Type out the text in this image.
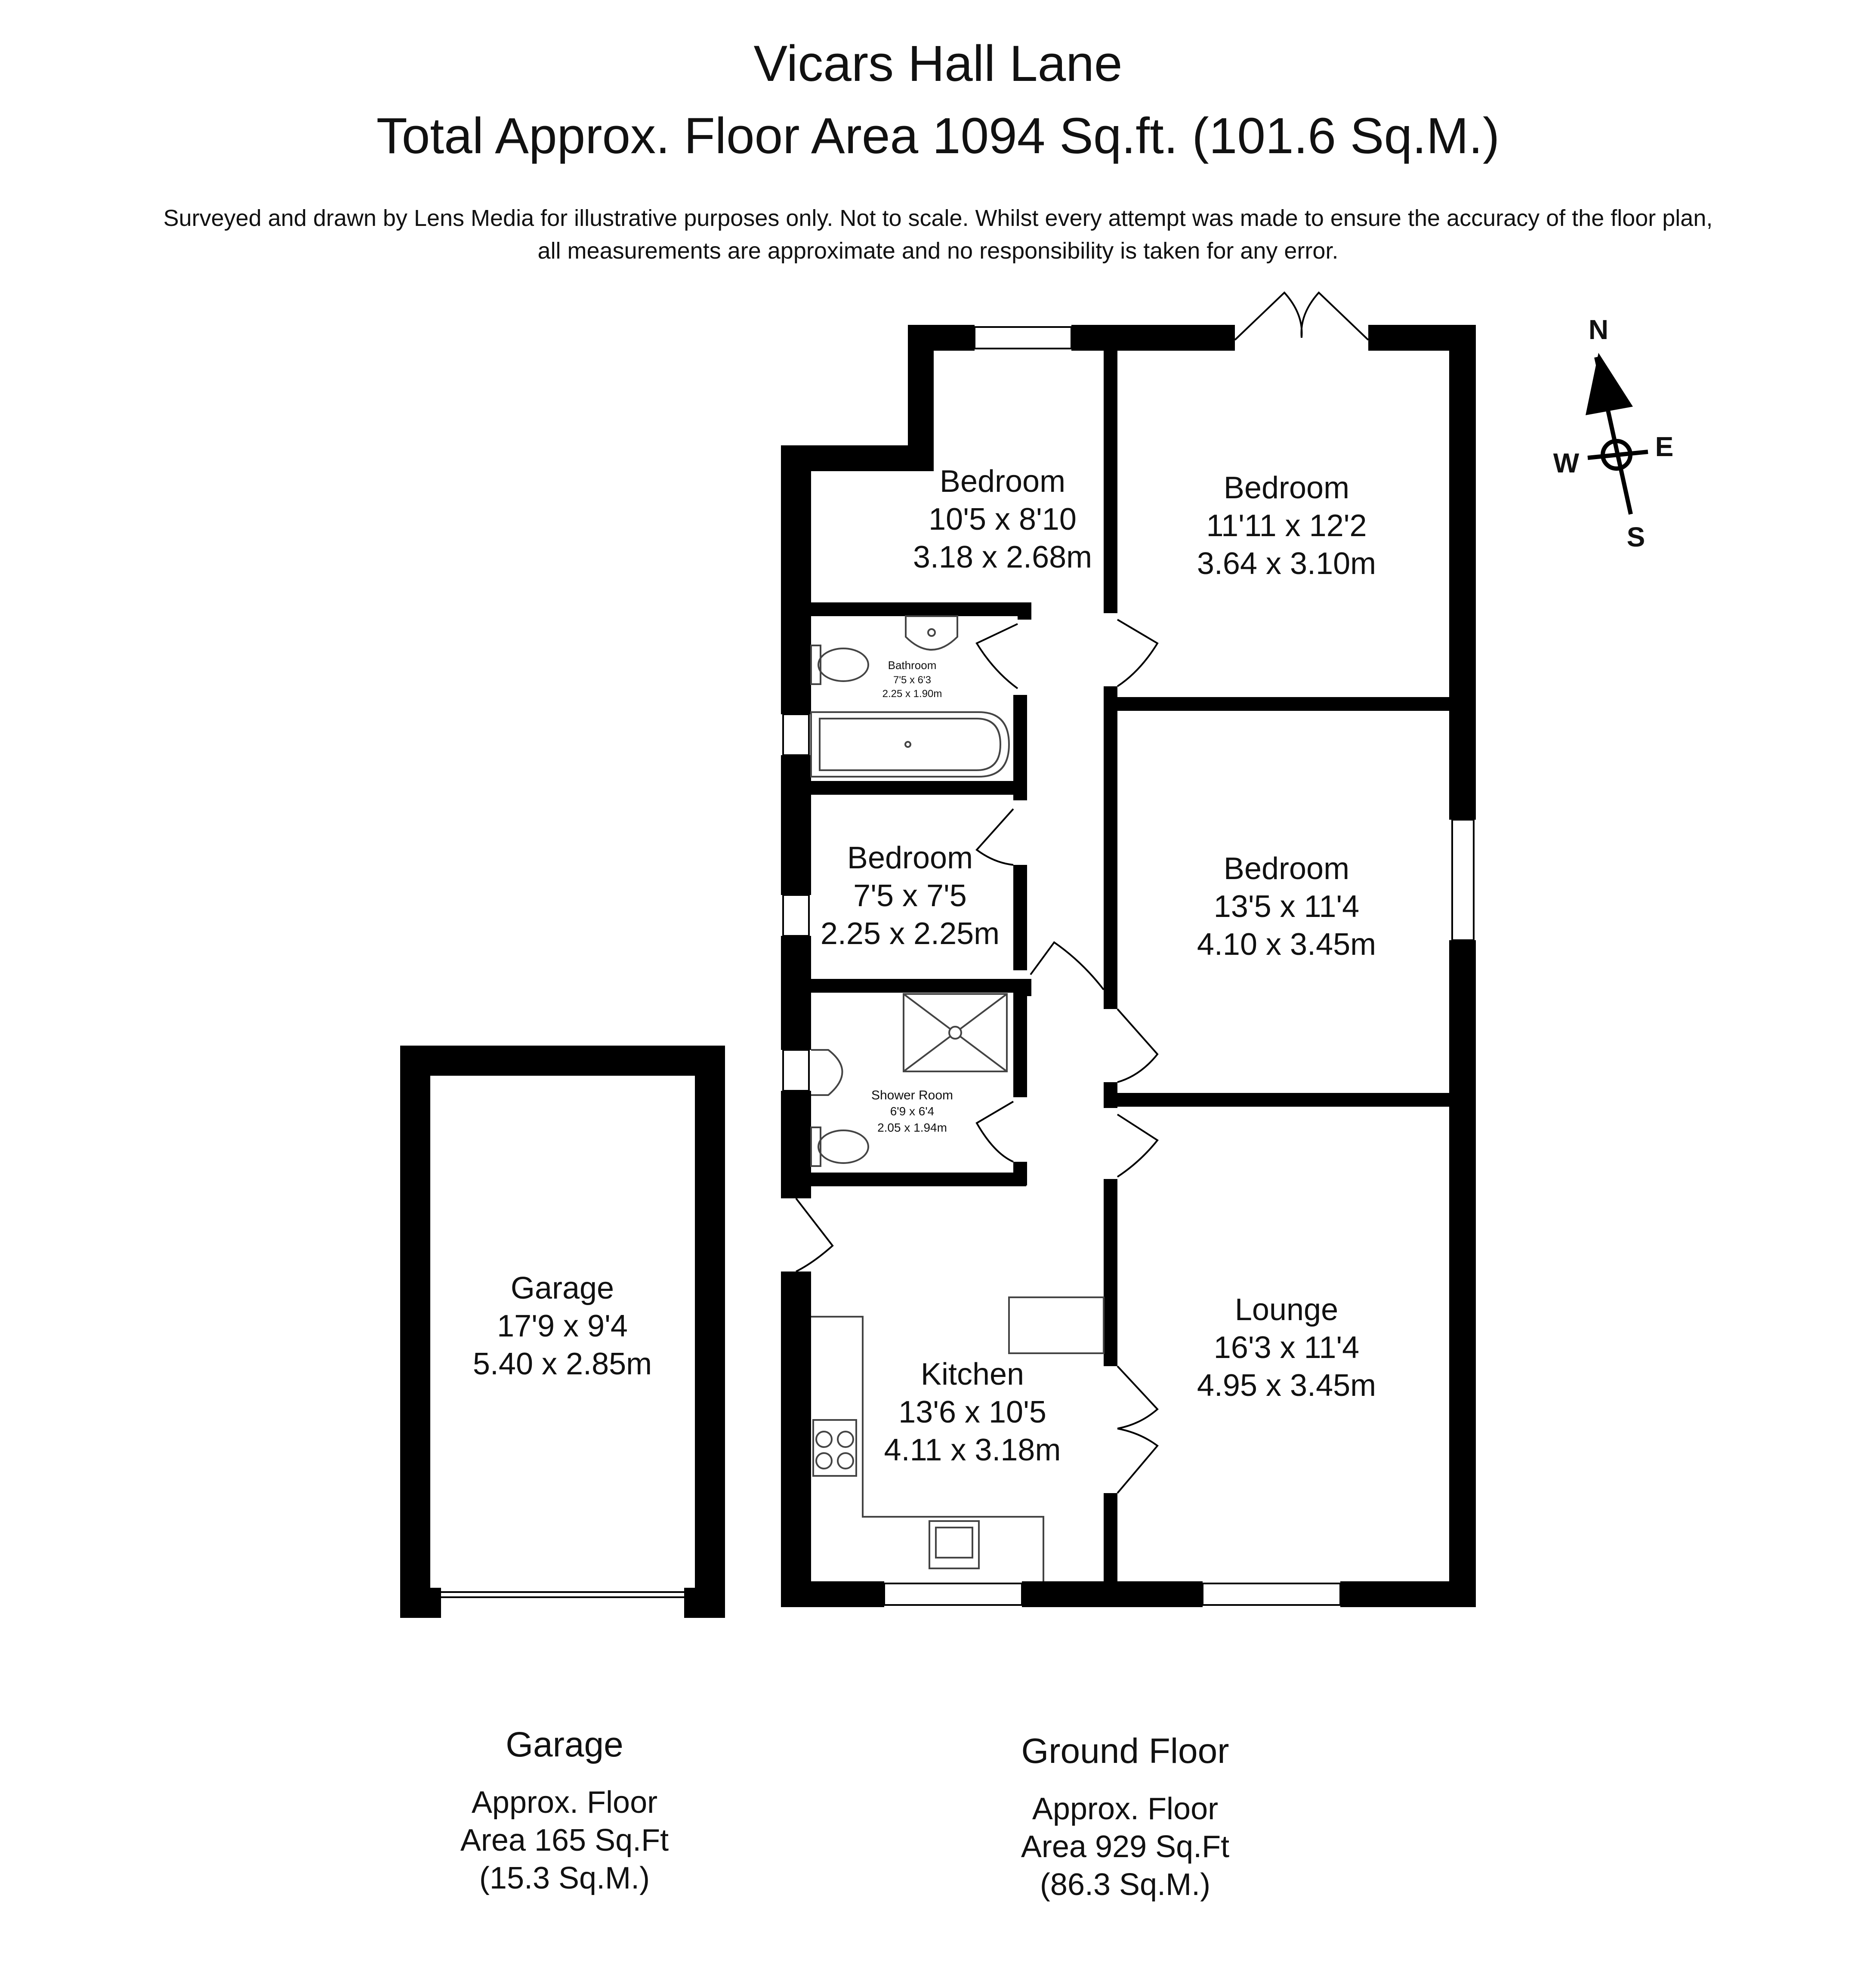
Vicars Hall Lane
Total Approx. Floor Area 1094 Sq.ft. (101.6 Sq.M.)
Surveyed and drawn by Lens Media for illustrative purposes only. Not to scale. Whilst every attempt was made to ensure the accuracy of the floor plan,
all measurements are approximate and no responsibility is taken for any error.
N
E
S
W
Bathroom
7'5 x 6'3
2.25 x 1.90m
Shower Room
6'9 x 6'4
2.05 x 1.94m
Bedroom
10'5 x 8'10
3.18 x 2.68m
Bedroom
11'11 x 12'2
3.64 x 3.10m
Bedroom
7'5 x 7'5
2.25 x 2.25m
Bedroom
13'5 x 11'4
4.10 x 3.45m
Kitchen
13'6 x 10'5
4.11 x 3.18m
Lounge
16'3 x 11'4
4.95 x 3.45m
Garage
17'9 x 9'4
5.40 x 2.85m
Garage
Approx. Floor
Area 165 Sq.Ft
(15.3 Sq.M.)
Ground Floor
Approx. Floor
Area 929 Sq.Ft
(86.3 Sq.M.)
